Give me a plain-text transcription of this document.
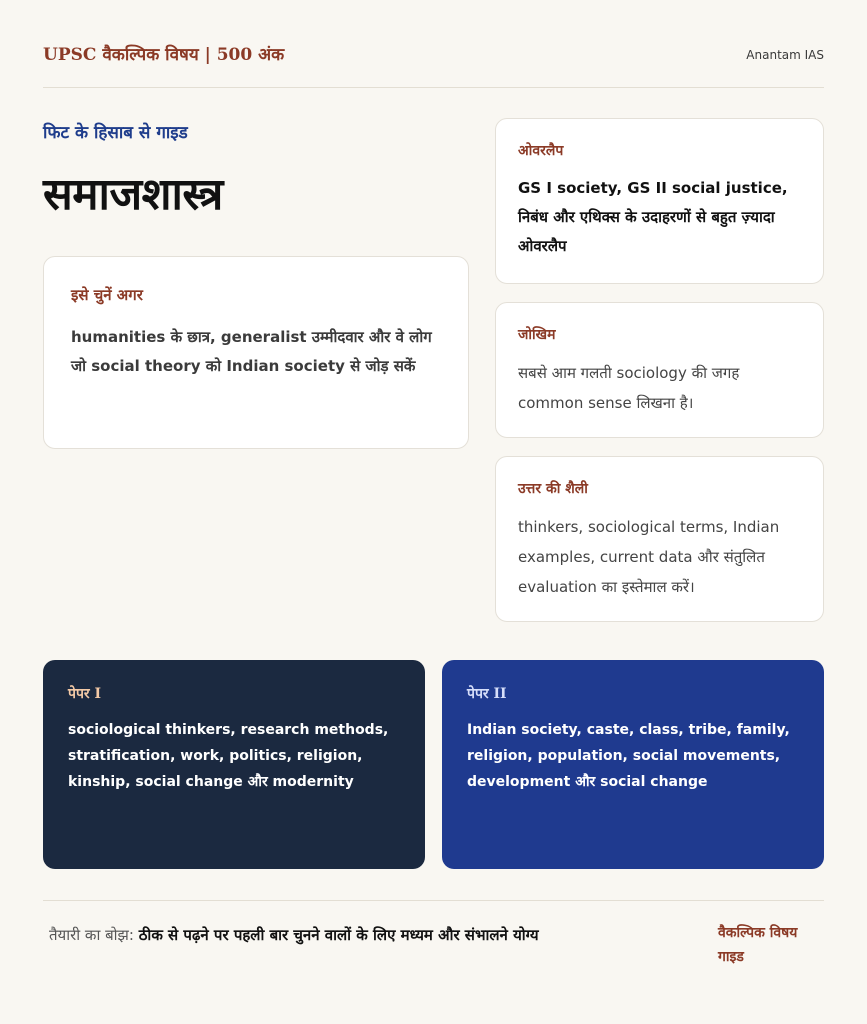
UPSC वैकल्पिक विषय | 500 अंक	Anantam IAS
फिट के हिसाब से गाइड
समाजशास्त्र
इसे चुनें अगर
humanities के छात्र, generalist उम्मीदवार और वे लोग जो social theory को Indian society से जोड़ सकें
ओवरलैप
GS I society, GS II social justice, निबंध और एथिक्स के उदाहरणों से बहुत ज़्यादा ओवरलैप
जोखिम
सबसे आम गलती sociology की जगह common sense लिखना है।
उत्तर की शैली
thinkers, sociological terms, Indian examples, current data और संतुलित evaluation का इस्तेमाल करें।
पेपर I
sociological thinkers, research methods, stratification, work, politics, religion, kinship, social change और modernity
पेपर II
Indian society, caste, class, tribe, family, religion, population, social movements, development और social change
तैयारी का बोझ: ठीक से पढ़ने पर पहली बार चुनने वालों के लिए मध्यम और संभालने योग्य	वैकल्पिक विषय गाइड
